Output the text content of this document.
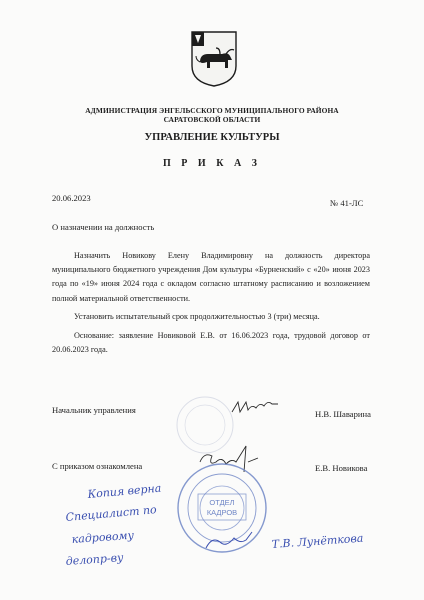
АДМИНИСТРАЦИЯ ЭНГЕЛЬССКОГО МУНИЦИПАЛЬНОГО РАЙОНА
САРАТОВСКОЙ ОБЛАСТИ
УПРАВЛЕНИЕ КУЛЬТУРЫ
П Р И К А З
20.06.2023	№ 41-ЛС
О назначении на должность

Назначить Новикову Елену Владимировну на должность директора муниципального бюджетного учреждения Дом культуры «Бурненский» с «20» июня 2023 года по «19» июня 2024 года с окладом согласно штатному расписанию и возложением полной материальной ответственности.

Установить испытательный срок продолжительностью 3 (три) месяца.

Основание: заявление Новиковой Е.В. от 16.06.2023 года, трудовой договор от 20.06.2023 года.

Начальник управления	Н.В. Шаварина
С приказом ознакомлена	Е.В. Новикова
ОТДЕЛ
КАДРОВ
Копия верна
Специалист по
кадровому
делопр-ву
Т.В. Лунёткова
